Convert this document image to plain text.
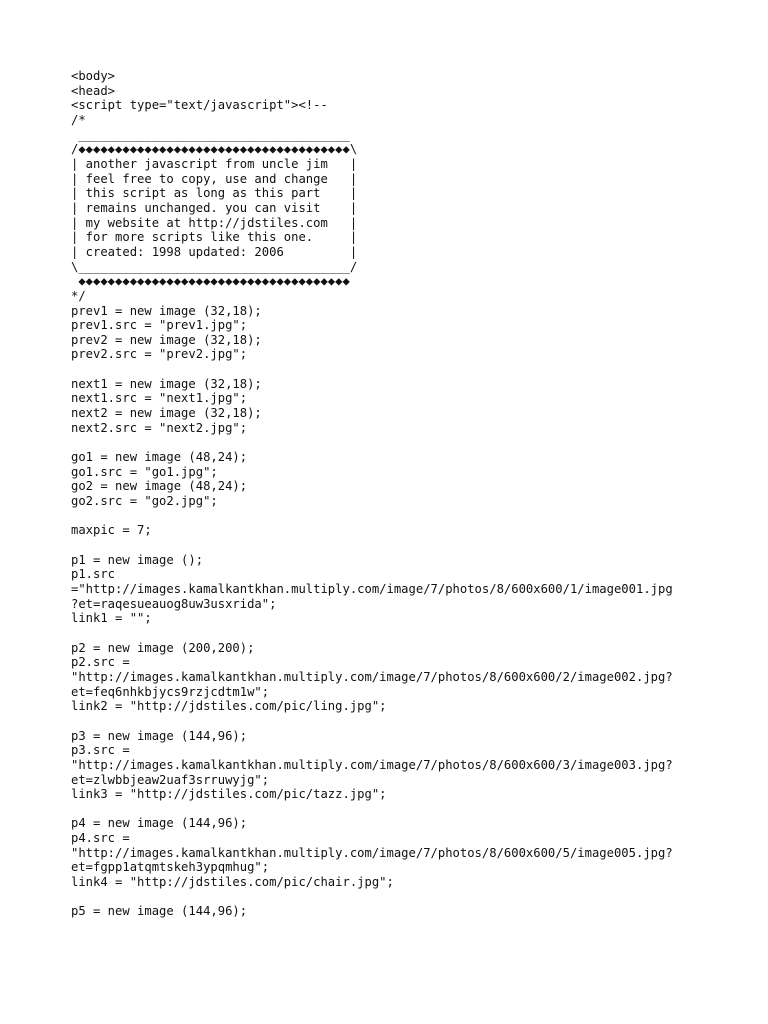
<body>
<head>
<script type="text/javascript"><!--
/*
_____________________________________
/◆◆◆◆◆◆◆◆◆◆◆◆◆◆◆◆◆◆◆◆◆◆◆◆◆◆◆◆◆◆◆◆◆◆◆◆◆\
| another javascript from uncle jim   |
| feel free to copy, use and change   |
| this script as long as this part    |
| remains unchanged. you can visit    |
| my website at http://jdstiles.com   |
| for more scripts like this one.     |
| created: 1998 updated: 2006         |
\_____________________________________/
◆◆◆◆◆◆◆◆◆◆◆◆◆◆◆◆◆◆◆◆◆◆◆◆◆◆◆◆◆◆◆◆◆◆◆◆◆
*/
prev1 = new image (32,18);
prev1.src = "prev1.jpg";
prev2 = new image (32,18);
prev2.src = "prev2.jpg";
next1 = new image (32,18);
next1.src = "next1.jpg";
next2 = new image (32,18);
next2.src = "next2.jpg";
go1 = new image (48,24);
go1.src = "go1.jpg";
go2 = new image (48,24);
go2.src = "go2.jpg";
maxpic = 7;
p1 = new image ();
p1.src
="http://images.kamalkantkhan.multiply.com/image/7/photos/8/600x600/1/image001.jpg
?et=raqesueauog8uw3usxrida";
link1 = "";
p2 = new image (200,200);
p2.src =
"http://images.kamalkantkhan.multiply.com/image/7/photos/8/600x600/2/image002.jpg?
et=feq6nhkbjycs9rzjcdtm1w";
link2 = "http://jdstiles.com/pic/ling.jpg";
p3 = new image (144,96);
p3.src =
"http://images.kamalkantkhan.multiply.com/image/7/photos/8/600x600/3/image003.jpg?
et=zlwbbjeaw2uaf3srruwyjg";
link3 = "http://jdstiles.com/pic/tazz.jpg";
p4 = new image (144,96);
p4.src =
"http://images.kamalkantkhan.multiply.com/image/7/photos/8/600x600/5/image005.jpg?
et=fgpp1atqmtskeh3ypqmhug";
link4 = "http://jdstiles.com/pic/chair.jpg";
p5 = new image (144,96);
